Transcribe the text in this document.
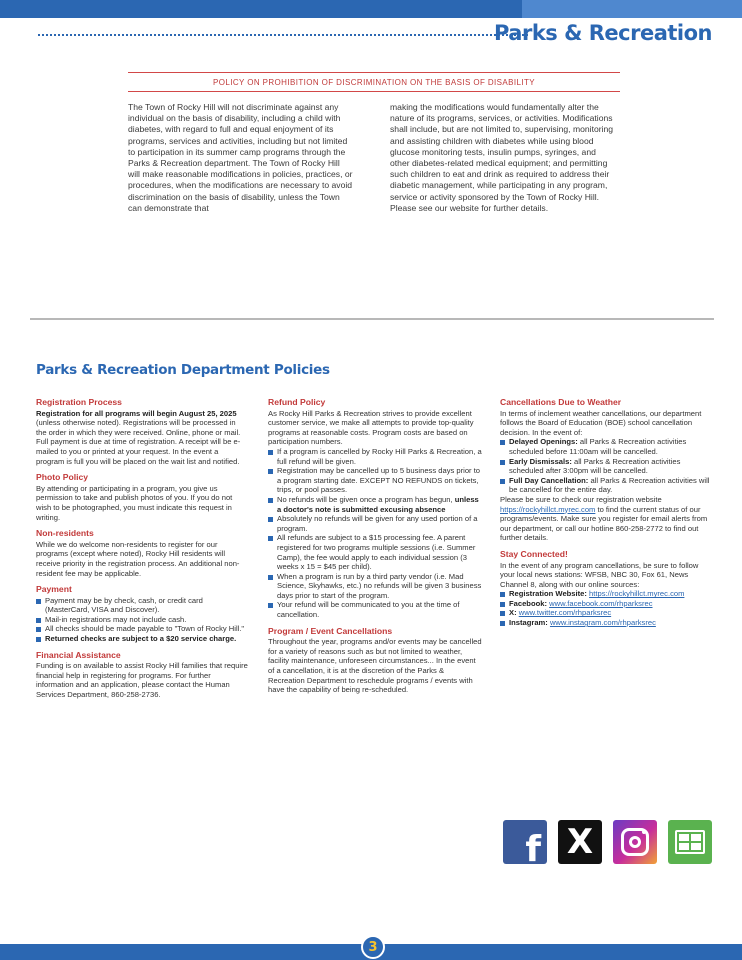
Parks & Recreation
POLICY ON PROHIBITION OF DISCRIMINATION ON THE BASIS OF DISABILITY
The Town of Rocky Hill will not discriminate against any individual on the basis of disability, including a child with diabetes, with regard to full and equal enjoyment of its programs, services and activities, including but not limited to participation in its summer camp programs through the Parks & Recreation department. The Town of Rocky Hill will make reasonable modifications in policies, practices, or procedures, when the modifications are necessary to avoid discrimination on the basis of disability, unless the Town can demonstrate that
making the modifications would fundamentally alter the nature of its programs, services, or activities. Modifications shall include, but are not limited to, supervising, monitoring and assisting children with diabetes while using blood glucose monitoring tests, insulin pumps, syringes, and other diabetes-related medical equipment; and permitting such children to eat and drink as required to address their diabetic management, while participating in any program, service or activity sponsored by the Town of Rocky Hill. Please see our website for further details.
Parks & Recreation Department Policies
Registration Process
Registration for all programs will begin August 25, 2025 (unless otherwise noted). Registrations will be processed in the order in which they were received. Online, phone or mail. Full payment is due at time of registration. A receipt will be e-mailed to you or printed at your request. In the event a program is full you will be placed on the wait list and notified.
Photo Policy
By attending or participating in a program, you give us permission to take and publish photos of you. If you do not wish to be photographed, you must indicate this request in writing.
Non-residents
While we do welcome non-residents to register for our programs (except where noted), Rocky Hill residents will receive priority in the registration process. An additional non-resident fee may be applicable.
Payment
Payment may be by check, cash, or credit card (MasterCard, VISA and Discover).
Mail-in registrations may not include cash.
All checks should be made payable to "Town of Rocky Hill."
Returned checks are subject to a $20 service charge.
Financial Assistance
Funding is on available to assist Rocky Hill families that require financial help in registering for programs. For further information and an application, please contact the Human Services Department, 860-258-2736.
Refund Policy
As Rocky Hill Parks & Recreation strives to provide excellent customer service, we make all attempts to provide top-quality programs at reasonable costs. Program costs are based on participation numbers.
If a program is cancelled by Rocky Hill Parks & Recreation, a full refund will be given.
Registration may be cancelled up to 5 business days prior to a program starting date. EXCEPT NO REFUNDS on tickets, trips, or pool passes.
No refunds will be given once a program has begun, unless a doctor's note is submitted excusing absence
Absolutely no refunds will be given for any used portion of a program.
All refunds are subject to a $15 processing fee. A parent registered for two programs multiple sessions (i.e. Summer Camp), the fee would apply to each individual session (3 weeks x 15 = $45 per child).
When a program is run by a third party vendor (i.e. Mad Science, Skyhawks, etc.) no refunds will be given 3 business days prior to start of the program.
Your refund will be communicated to you at the time of cancellation.
Program / Event Cancellations
Throughout the year, programs and/or events may be cancelled for a variety of reasons such as but not limited to weather, facility maintenance, unforeseen circumstances... In the event of a cancellation, it is at the discretion of the Parks & Recreation Department to reschedule programs / events with have the capability of being re-scheduled.
Cancellations Due to Weather
In terms of inclement weather cancellations, our department follows the Board of Education (BOE) school cancellation decision. In the event of:
Delayed Openings: all Parks & Recreation activities scheduled before 11:00am will be cancelled.
Early Dismissals: all Parks & Recreation activities scheduled after 3:00pm will be cancelled.
Full Day Cancellation: all Parks & Recreation activities will be cancelled for the entire day.
Please be sure to check our registration website https://rockyhillct.myrec.com to find the current status of our programs/events. Make sure you register for email alerts from our department, or call our hotline 860-258-2772 to find out further details.
Stay Connected!
In the event of any program cancellations, be sure to follow your local news stations: WFSB, NBC 30, Fox 61, News Channel 8, along with our online sources:
Registration Website: https://rockyhillct.myrec.com
Facebook: www.facebook.com/rhparksrec
X: www.twitter.com/rhparksrec
Instagram: www.instagram.com/rhparksrec
f X
3
